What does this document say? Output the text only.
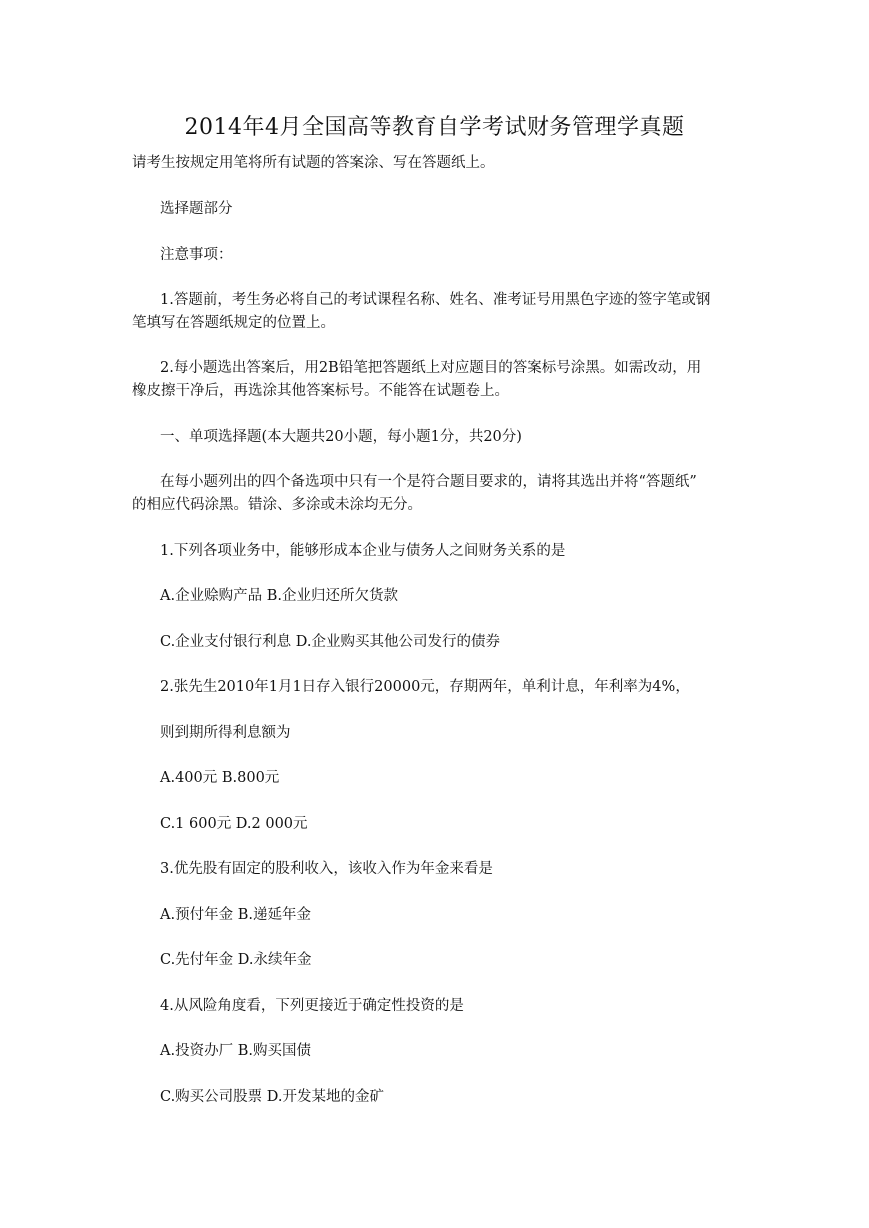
2014年4月全国高等教育自学考试财务管理学真题
请考生按规定用笔将所有试题的答案涂、写在答题纸上。
选择题部分
注意事项：
1.答题前，考生务必将自己的考试课程名称、姓名、准考证号用黑色字迹的签字笔或钢
笔填写在答题纸规定的位置上。
2.每小题选出答案后，用2B铅笔把答题纸上对应题目的答案标号涂黑。如需改动，用
橡皮擦干净后，再选涂其他答案标号。不能答在试题卷上。
一、单项选择题(本大题共20小题，每小题1分，共20分)
在每小题列出的四个备选项中只有一个是符合题目要求的，请将其选出并将“答题纸”
的相应代码涂黑。错涂、多涂或未涂均无分。
1.下列各项业务中，能够形成本企业与债务人之间财务关系的是
A.企业赊购产品 B.企业归还所欠货款
C.企业支付银行利息 D.企业购买其他公司发行的债券
2.张先生2010年1月1日存入银行20000元，存期两年，单利计息，年利率为4%，
则到期所得利息额为
A.400元 B.800元
C.1 600元 D.2 000元
3.优先股有固定的股利收入，该收入作为年金来看是
A.预付年金 B.递延年金
C.先付年金 D.永续年金
4.从风险角度看，下列更接近于确定性投资的是
A.投资办厂 B.购买国债
C.购买公司股票 D.开发某地的金矿
